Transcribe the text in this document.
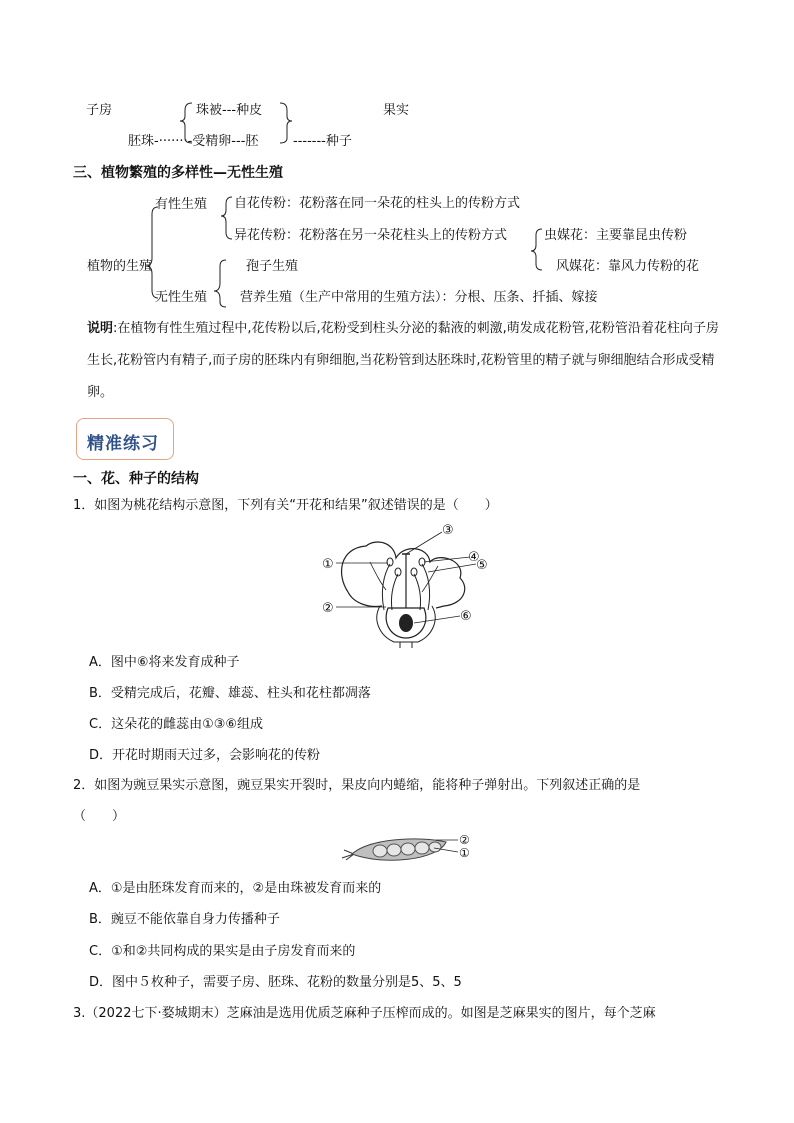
子房	果实
珠被---种皮
胚珠-·······-受精卵---胚	-------种子
三、植物繁殖的多样性—无性生殖
植物的生殖
有性生殖 自花传粉：花粉落在同一朵花的柱头上的传粉方式
异花传粉：花粉落在另一朵花柱头上的传粉方式	虫媒花：主要靠昆虫传粉
风媒花：靠风力传粉的花
无性生殖
孢子生殖
营养生殖（生产中常用的生殖方法）：分根、压条、扦插、嫁接
说明:在植物有性生殖过程中,花传粉以后,花粉受到柱头分泌的黏液的刺激,萌发成花粉管,花粉管沿着花柱向子房生长,花粉管内有精子,而子房的胚珠内有卵细胞,当花粉管到达胚珠时,花粉管里的精子就与卵细胞结合形成受精卵。
精准练习
一、花、种子的结构
1．如图为桃花结构示意图，下列有关“开花和结果”叙述错误的是（　　）
①
②
③
④
⑤
⑥
A．图中⑥将来发育成种子
B．受精完成后，花瓣、雄蕊、柱头和花柱都凋落
C．这朵花的雌蕊由①③⑥组成
D．开花时期雨天过多，会影响花的传粉
2．如图为豌豆果实示意图，豌豆果实开裂时，果皮向内蜷缩，能将种子弹射出。下列叙述正确的是
（　　）
②
①
A．①是由胚珠发育而来的，②是由珠被发育而来的
B．豌豆不能依靠自身力传播种子
C．①和②共同构成的果实是由子房发育而来的
D．图中５枚种子，需要子房、胚珠、花粉的数量分别是5、5、5
3.（2022七下·婺城期末）芝麻油是选用优质芝麻种子压榨而成的。如图是芝麻果实的图片，每个芝麻
